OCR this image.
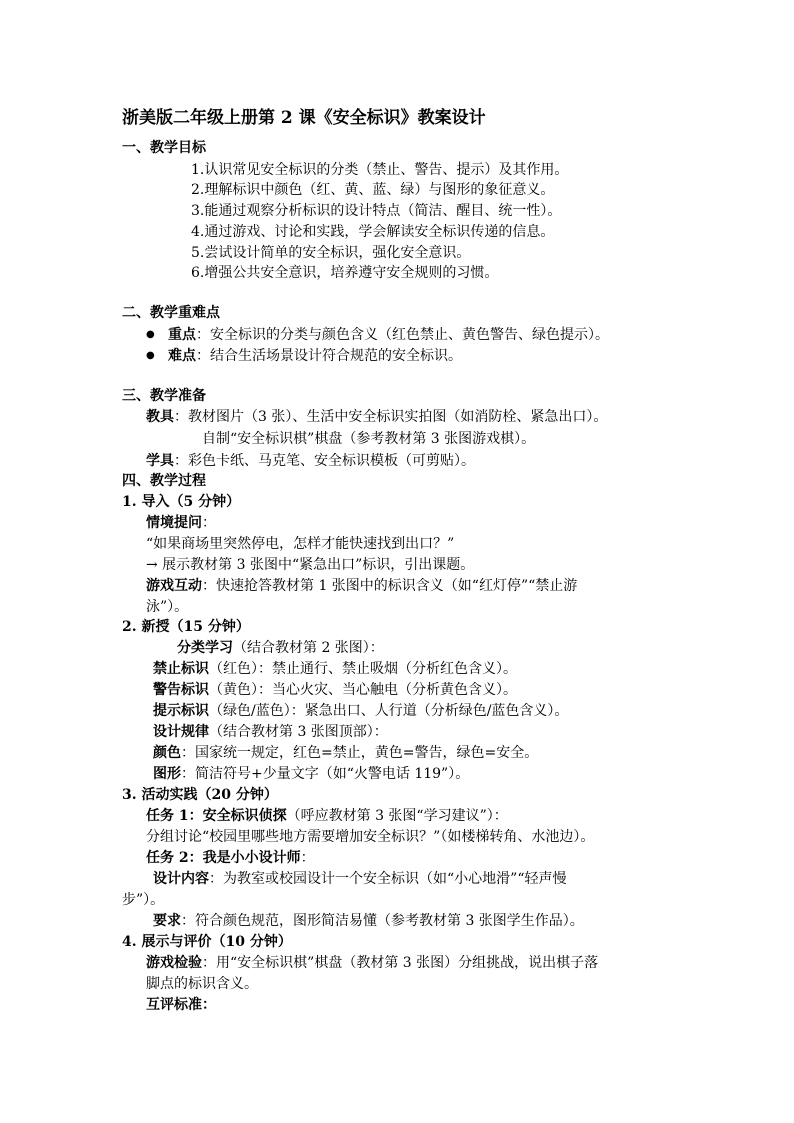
浙美版二年级上册第 2 课《安全标识》教案设计
一、教学目标
1.认识常见安全标识的分类（禁止、警告、提示）及其作用。
2.理解标识中颜色（红、黄、蓝、绿）与图形的象征意义。
3.能通过观察分析标识的设计特点（简洁、醒目、统一性）。
4.通过游戏、讨论和实践，学会解读安全标识传递的信息。
5.尝试设计简单的安全标识，强化安全意识。
6.增强公共安全意识，培养遵守安全规则的习惯。
二、教学重难点
● 重点：安全标识的分类与颜色含义（红色禁止、黄色警告、绿色提示）。
● 难点：结合生活场景设计符合规范的安全标识。
三、教学准备
教具：教材图片（3 张）、生活中安全标识实拍图（如消防栓、紧急出口）。
自制“安全标识棋”棋盘（参考教材第 3 张图游戏棋）。
学具：彩色卡纸、马克笔、安全标识模板（可剪贴）。
四、教学过程
1. 导入（5 分钟）
情境提问：
“如果商场里突然停电，怎样才能快速找到出口？”
→ 展示教材第 3 张图中“紧急出口”标识，引出课题。
游戏互动：快速抢答教材第 1 张图中的标识含义（如“红灯停”“禁止游
泳”）。
2. 新授（15 分钟）
分类学习（结合教材第 2 张图）：
禁止标识（红色）：禁止通行、禁止吸烟（分析红色含义）。
警告标识（黄色）：当心火灾、当心触电（分析黄色含义）。
提示标识（绿色/蓝色）：紧急出口、人行道（分析绿色/蓝色含义）。
设计规律（结合教材第 3 张图顶部）：
颜色：国家统一规定，红色=禁止，黄色=警告，绿色=安全。
图形：简洁符号+少量文字（如“火警电话 119”）。
3. 活动实践（20 分钟）
任务 1：安全标识侦探（呼应教材第 3 张图“学习建议”）：
分组讨论“校园里哪些地方需要增加安全标识？”（如楼梯转角、水池边）。
任务 2：我是小小设计师：
设计内容：为教室或校园设计一个安全标识（如“小心地滑”“轻声慢
步”）。
要求：符合颜色规范，图形简洁易懂（参考教材第 3 张图学生作品）。
4. 展示与评价（10 分钟）
游戏检验：用“安全标识棋”棋盘（教材第 3 张图）分组挑战，说出棋子落
脚点的标识含义。
互评标准：
